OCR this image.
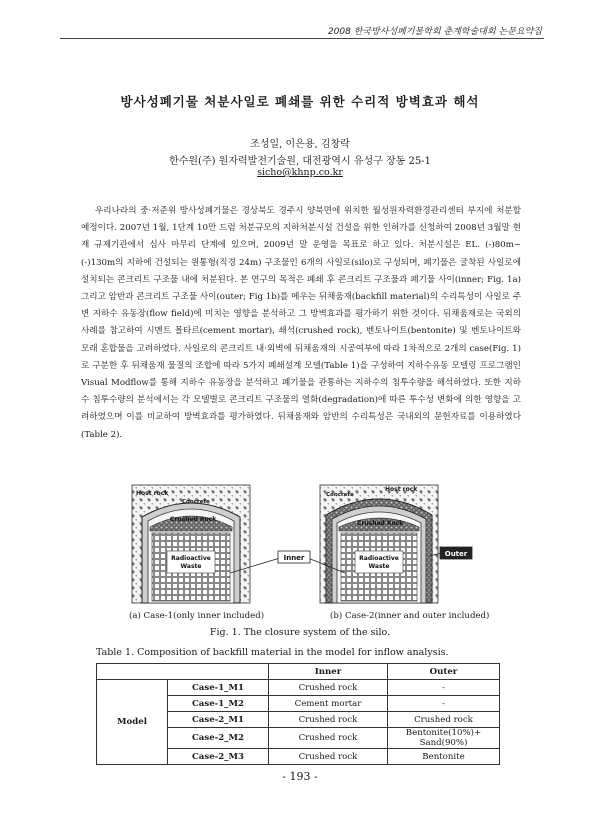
2008 한국방사성폐기물학회 춘계학술대회 논문요약집
방사성폐기물 처분사일로 폐쇄를 위한 수리적 방벽효과 해석
조성일, 이은용, 김창락
한수원(주) 원자력발전기술원, 대전광역시 유성구 장동 25-1
sicho@khnp.co.kr

우리나라의 중·저준위 방사성폐기물은 경상북도 경주시 양북면에 위치한 월성원자력환경관리센터 부지에 처분할 예정이다. 2007년 1월, 1단계 10만 드럼 처분규모의 지하처분시설 건설을 위한 인허가를 신청하여 2008년 3월말 현재 규제기관에서 심사 마무리 단계에 있으며, 2009년 말 운영을 목표로 하고 있다. 처분시설은 EL. (-)80m~(-)130m의 지하에 건설되는 원통형(직경 24m) 구조물인 6개의 사일로(silo)로 구성되며, 폐기물은 굴착된 사일로에 설치되는 콘크리트 구조물 내에 처분된다. 본 연구의 목적은 폐쇄 후 콘크리트 구조물과 폐기물 사이(inner; Fig. 1a) 그리고 암반과 콘크리트 구조물 사이(outer; Fig 1b)를 메우는 뒤채움재(backfill material)의 수리특성이 사일로 주변 지하수 유동장(flow field)에 미치는 영향을 분석하고 그 방벽효과를 평가하기 위한 것이다. 뒤채움재로는 국외의 사례를 참고하여 시멘트 몰타르(cement mortar), 쇄석(crushed rock), 벤토나이트(bentonite) 및 벤토나이트와 모래 혼합물을 고려하였다. 사일로의 콘크리트 내·외벽에 뒤채움재의 시공여부에 따라 1차적으로 2개의 case(Fig. 1)로 구분한 후 뒤채움재 물질의 조합에 따라 5가지 폐쇄설계 모델(Table 1)을 구성하여 지하수유동 모델링 프로그램인 Visual Modflow를 통해 지하수 유동장을 분석하고 폐기물을 관통하는 지하수의 침투수량을 해석하였다. 또한 지하수 침투수량의 분석에서는 각 모델별로 콘크리트 구조물의 열화(degradation)에 따른 투수성 변화에 의한 영향을 고려하였으며 이를 비교하여 방벽효과를 평가하였다. 뒤채움재와 암반의 수리특성은 국내외의 문헌자료를 이용하였다(Table 2).

Host rock
Concrete
Crushed Rock
Radioactive
Waste
Host rock
Concrete
Crushed Rock
Radioactive
Waste
Inner	Outer
(a) Case-1(only inner included)	(b) Case-2(inner and outer included)
Fig. 1. The closure system of the silo.
Table 1. Composition of backfill material in the model for inflow analysis.
		Inner	Outer
Model	Case-1_M1	Crushed rock	-
	Case-1_M2	Cement mortar	-
	Case-2_M1	Crushed rock	Crushed rock
	Case-2_M2	Crushed rock	Bentonite(10%)+ Sand(90%)
	Case-2_M3	Crushed rock	Bentonite
- 193 -
